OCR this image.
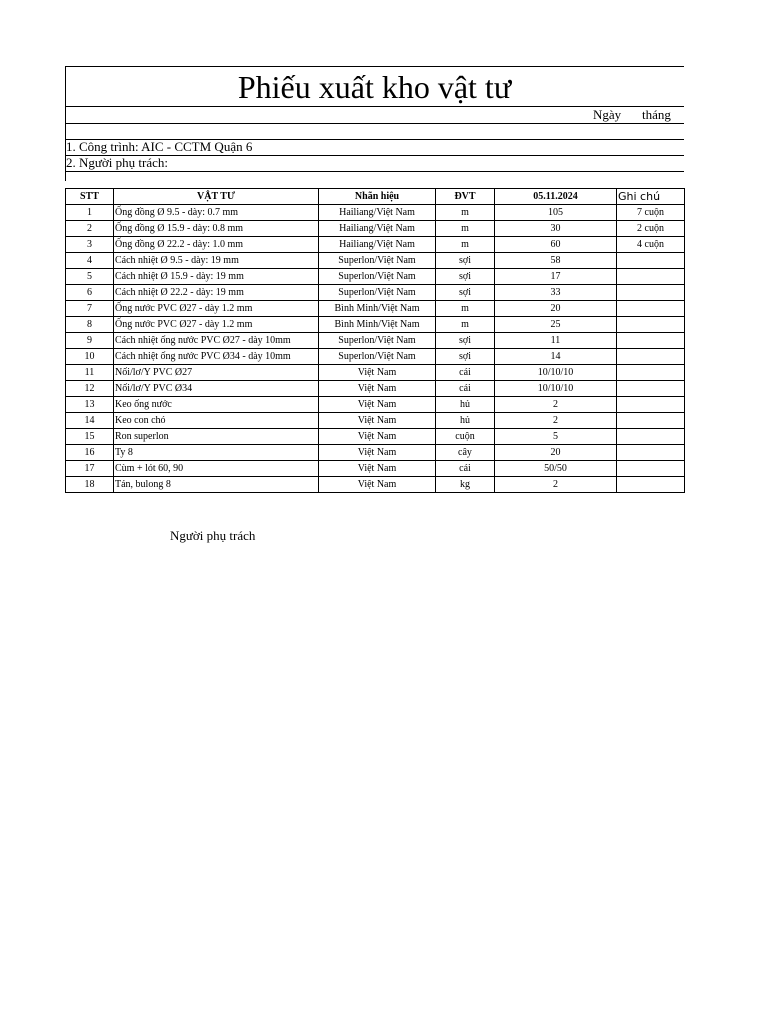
Phiếu xuất kho vật tư
Ngày tháng
1. Công trình: AIC - CCTM Quận 6
2. Người phụ trách:
STT	VẬT TƯ	Nhãn hiệu	ĐVT	05.11.2024	Ghi chú
1	Ống đồng Ø 9.5 - dày: 0.7 mm	Hailiang/Việt Nam	m	105	7 cuộn
2	Ống đồng Ø 15.9 - dày: 0.8 mm	Hailiang/Việt Nam	m	30	2 cuộn
3	Ống đồng Ø 22.2 - dày: 1.0 mm	Hailiang/Việt Nam	m	60	4 cuộn
4	Cách nhiệt Ø 9.5 - dày: 19 mm	Superlon/Việt Nam	sợi	58	
5	Cách nhiệt Ø 15.9 - dày: 19 mm	Superlon/Việt Nam	sợi	17	
6	Cách nhiệt Ø 22.2 - dày: 19 mm	Superlon/Việt Nam	sợi	33	
7	Ống nước PVC Ø27 - dày 1.2 mm	Bình Minh/Việt Nam	m	20	
8	Ống nước PVC Ø27 - dày 1.2 mm	Bình Minh/Việt Nam	m	25	
9	Cách nhiệt ống nước PVC Ø27 - dày 10mm	Superlon/Việt Nam	sợi	11	
10	Cách nhiệt ống nước PVC Ø34 - dày 10mm	Superlon/Việt Nam	sợi	14	
11	Nối/lơ/Y PVC Ø27	Việt Nam	cái	10/10/10	
12	Nối/lơ/Y PVC Ø34	Việt Nam	cái	10/10/10	
13	Keo ống nước	Việt Nam	hủ	2	
14	Keo con chó	Việt Nam	hủ	2	
15	Ron superlon	Việt Nam	cuộn	5	
16	Ty 8	Việt Nam	cây	20	
17	Cùm + lót 60, 90	Việt Nam	cái	50/50	
18	Tán, bulong 8	Việt Nam	kg	2	
Người phụ trách
